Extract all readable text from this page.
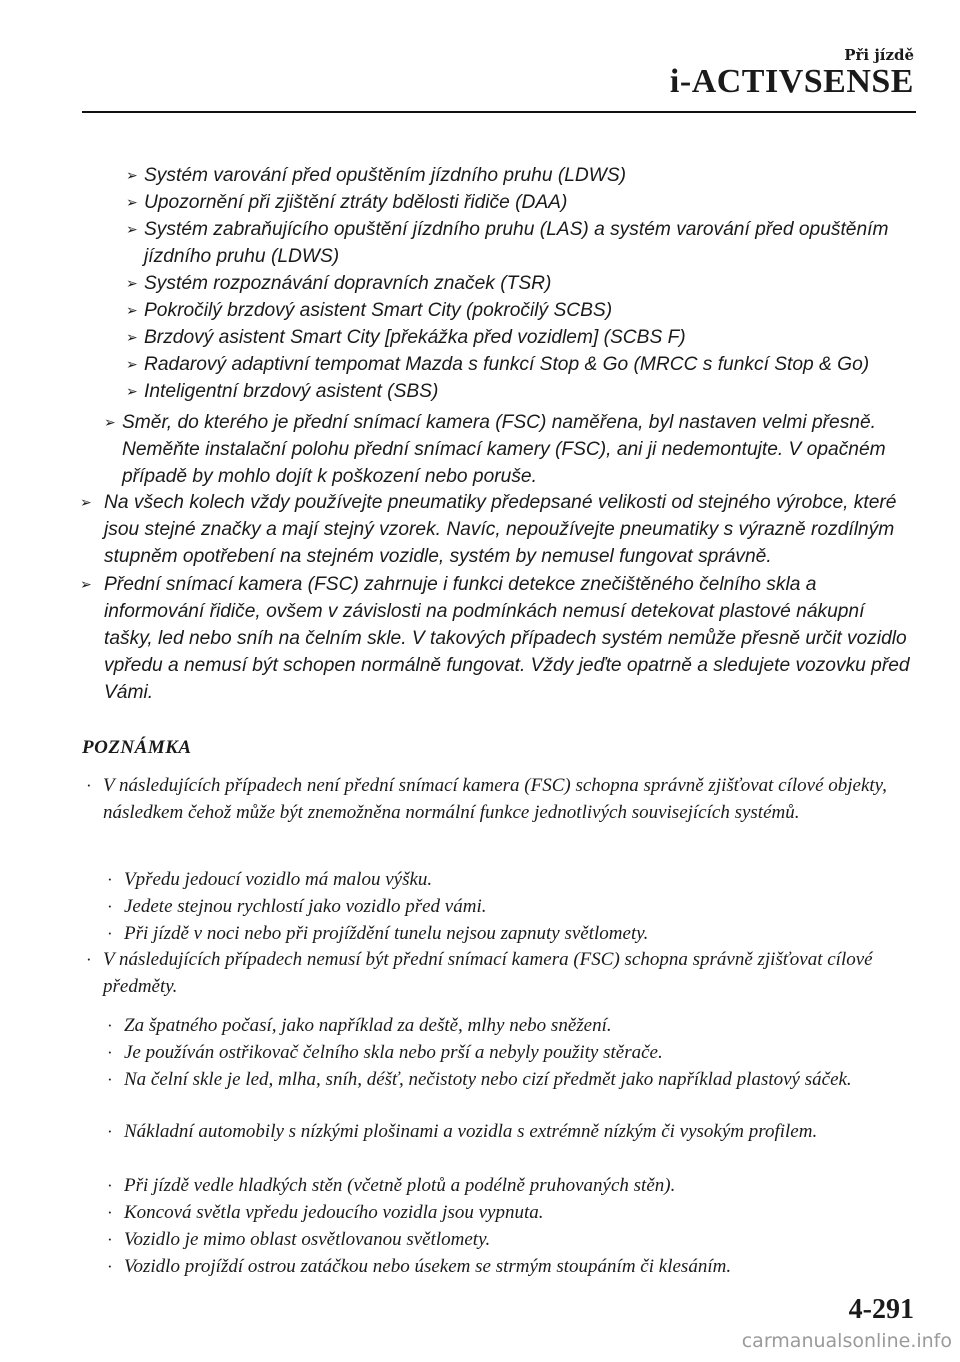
Při jízdě
i-ACTIVSENSE
➢ Systém varování před opuštěním jízdního pruhu (LDWS)
➢ Upozornění při zjištění ztráty bdělosti řidiče (DAA)
➢ Systém zabraňujícího opuštění jízdního pruhu (LAS) a systém varování před opuštěním jízdního pruhu (LDWS)
➢ Systém rozpoznávání dopravních značek (TSR)
➢ Pokročilý brzdový asistent Smart City (pokročilý SCBS)
➢ Brzdový asistent Smart City [překážka před vozidlem] (SCBS F)
➢ Radarový adaptivní tempomat Mazda s funkcí Stop & Go (MRCC s funkcí Stop & Go)
➢ Inteligentní brzdový asistent (SBS)
➢ Směr, do kterého je přední snímací kamera (FSC) naměřena, byl nastaven velmi přesně. Neměňte instalační polohu přední snímací kamery (FSC), ani ji nedemontujte. V opačném případě by mohlo dojít k poškození nebo poruše.
➢ Na všech kolech vždy používejte pneumatiky předepsané velikosti od stejného výrobce, které jsou stejné značky a mají stejný vzorek. Navíc, nepoužívejte pneumatiky s výrazně rozdílným stupněm opotřebení na stejném vozidle, systém by nemusel fungovat správně.
➢ Přední snímací kamera (FSC) zahrnuje i funkci detekce znečištěného čelního skla a informování řidiče, ovšem v závislosti na podmínkách nemusí detekovat plastové nákupní tašky, led nebo sníh na čelním skle. V takových případech systém nemůže přesně určit vozidlo vpředu a nemusí být schopen normálně fungovat. Vždy jeďte opatrně a sledujete vozovku před Vámi.
POZNÁMKA
· V následujících případech není přední snímací kamera (FSC) schopna správně zjišťovat cílové objekty, následkem čehož může být znemožněna normální funkce jednotlivých souvisejících systémů.
· Vpředu jedoucí vozidlo má malou výšku.
· Jedete stejnou rychlostí jako vozidlo před vámi.
· Při jízdě v noci nebo při projíždění tunelu nejsou zapnuty světlomety.
· V následujících případech nemusí být přední snímací kamera (FSC) schopna správně zjišťovat cílové předměty.
· Za špatného počasí, jako například za deště, mlhy nebo sněžení.
· Je používán ostřikovač čelního skla nebo prší a nebyly použity stěrače.
· Na čelní skle je led, mlha, sníh, déšť, nečistoty nebo cizí předmět jako například plastový sáček.
· Nákladní automobily s nízkými plošinami a vozidla s extrémně nízkým či vysokým profilem.
· Při jízdě vedle hladkých stěn (včetně plotů a podélně pruhovaných stěn).
· Koncová světla vpředu jedoucího vozidla jsou vypnuta.
· Vozidlo je mimo oblast osvětlovanou světlomety.
· Vozidlo projíždí ostrou zatáčkou nebo úsekem se strmým stoupáním či klesáním.
4-291
carmanualsonline.info
